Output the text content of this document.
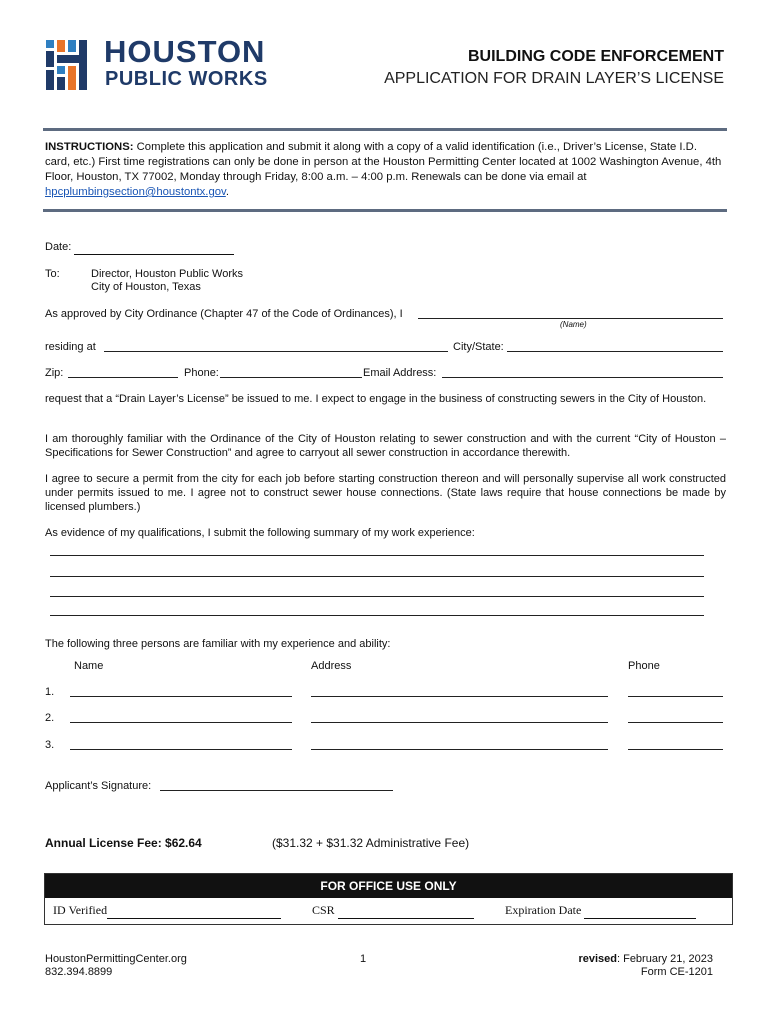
HOUSTON
PUBLIC WORKS
BUILDING CODE ENFORCEMENT
APPLICATION FOR DRAIN LAYER’S LICENSE
INSTRUCTIONS: Complete this application and submit it along with a copy of a valid identification (i.e., Driver’s License, State I.D. card, etc.) First time registrations can only be done in person at the Houston Permitting Center located at 1002 Washington Avenue, 4th Floor, Houston, TX 77002, Monday through Friday, 8:00 a.m. – 4:00 p.m. Renewals can be done via email at hpcplumbingsection@houstontx.gov.
Date:
To:	Director, Houston Public Works
City of Houston, Texas
As approved by City Ordinance (Chapter 47 of the Code of Ordinances), I
(Name)
residing at	City/State:
Zip:	Phone:	Email Address:
request that a “Drain Layer’s License” be issued to me. I expect to engage in the business of constructing sewers in the City of Houston.
I am thoroughly familiar with the Ordinance of the City of Houston relating to sewer construction and with the current “City of Houston – Specifications for Sewer Construction” and agree to carryout all sewer construction in accordance therewith.
I agree to secure a permit from the city for each job before starting construction thereon and will personally supervise all work constructed under permits issued to me. I agree not to construct sewer house connections. (State laws require that house connections be made by licensed plumbers.)
As evidence of my qualifications, I submit the following summary of my work experience:
The following three persons are familiar with my experience and ability:
Name	Address	Phone
1.
2.
3.
Applicant’s Signature:
Annual License Fee: $62.64	($31.32 + $31.32 Administrative Fee)
FOR OFFICE USE ONLY
ID Verified	CSR	Expiration Date
HoustonPermittingCenter.org
832.394.8899
1	revised: February 21, 2023
Form CE-1201
